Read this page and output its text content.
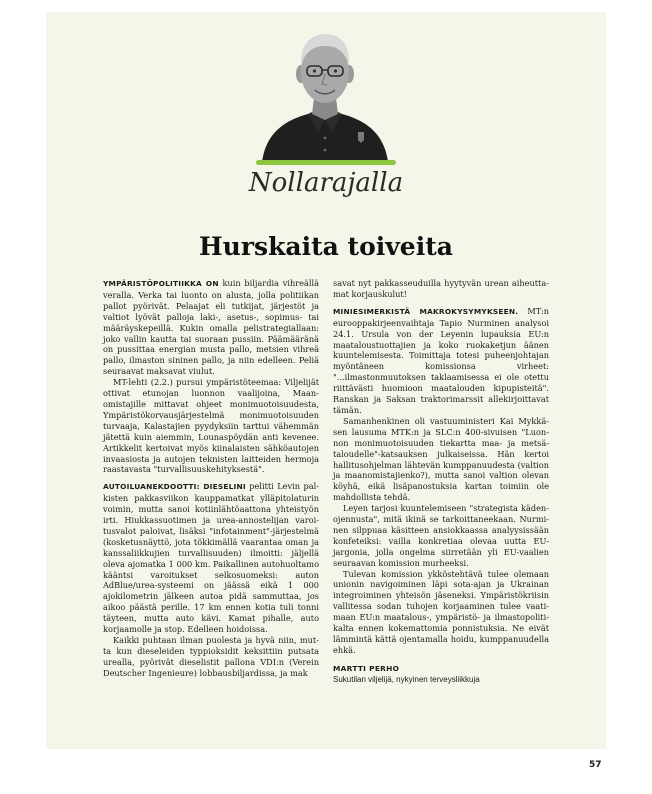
Nollarajalla
Hurskaita toiveita

YMPÄRISTÖPOLITIIKKA ON kuin biljardia vihreällä veralla. Verka tai luonto on alusta, jolla politiikan pallot pyörivät. Pelaajat eli tutkijat, järjestöt ja valtiot lyövät palloja laki-, asetus-, sopimus- tai määräyskepeillä. Kukin omalla pelistrategiallaan: joko vallin kautta tai suoraan pussiin. Päämääränä on pussittaa energian musta pallo, metsien vihreä pallo, ilmaston sininen pallo, ja niin edelleen. Peliä seuraavat maksavat viulut.

MT-lehti (2.2.) pursui ympäristöteemaa: Viljelijät ottivat etunojan luonnon vaalijoina, Maanomistajille mittavat ohjeet monimuotoisuudesta, Ympäristökorvausjärjestelmä monimuotoisuuden turvaaja, Kalastajien pyydyksiin tarttui vähemmän jätettä kuin aiemmin, Lounaspöydän anti kevenee. Artikkelit kertoivat myös kiinalaisten sähköautojen invaasiosta ja autojen teknisten laitteiden hermoja raastavasta "turvallisuuskehityksestä".

AUTOILUANEKDOOTTI: DIESELINI pelitti Levin palkisten pakkasviikon kauppamatkat ylläpitolaturin voimin, mutta sanoi kotiinlähtöaattona yhteistyön irti. Hiukkassuotimen ja urea-annostelijan varoitusvalot paloivat, lisäksi "infotainment"-järjestelmä (kosketusnäyttö, jota tökkimällä vaarantaa oman ja kanssaliikkujien turvallisuuden) ilmoitti: jäljellä oleva ajomatka 1 000 km. Paikallinen autohuoltamo kääntsi varoitukset selkosuomeksi: auton AdBlue/urea-systeemi on jäässä eikä 1 000 ajokilometrin jälkeen autoa pidä sammuttaa, jos aikoo päästä perille. 17 km ennen kotia tuli tonni täyteen, mutta auto kävi. Kamat pihalle, auto korjaamolle ja stop. Edelleen hoidoissa.

Kaikki puhtaan ilman puolesta ja hyvä niin, mutta kun dieseleiden typpioksidit keksittiin putsata urealla, pyörivät dieselistit pallona VDI:n (Verein Deutscher Ingenieure) lobbausbiljardissa, ja mak

savat nyt pakkasseuduilla hyytyvän urean aiheuttamat korjauskulut!

MINIESIMERKISTÄ MAKROKYSYMYKSEEN. MT:n eurooppakirjeenvaihtaja Tapio Nurminen analysoi 24.1. Ursula von der Leyenin lupauksia EU:n maataloustuottajien ja koko ruokaketjun äänen kuuntelemisesta. Toimittaja totesi puheenjohtajan myöntäneen komissionsa virheet: "...ilmastonmuutoksen taklaamisessa ei ole otettu riittävästi huomioon maatalouden kipupisteitä". Ranskan ja Saksan traktorimarssit allekirjoittavat tämän.

Samanhenkinen oli vastuuministeri Kai Mykkäsen lausuma MTK:n ja SLC:n 400-sivuisen "Luonnon monimuotoisuuden tiekartta maa- ja metsätaloudelle"-katsauksen julkaiseissa. Hän kertoi hallitusohjelman lähtevän kumppanuudesta (valtion ja maanomistajienko?), mutta sanoi valtion olevan köyhä, eikä lisäpanostuksia kartan toimiin ole mahdollista tehdä.

Leyen tarjosi kuuntelemiseen "strategista kädenojennusta", mitä ikinä se tarkoittaneekaan. Nurminen silppuaa käsitteen ansiokkaassa analyysissään konfeteiksi: vailla konkretiaa olevaa uutta EU-jargonia, jolla ongelma siirretään yli EU-vaalien seuraavan komission murheeksi.

Tulevan komission ykköstehtävä tulee olemaan unionin navigoiminen läpi sota-ajan ja Ukrainan integroiminen yhteisön jäseneksi. Ympäristökriisin vallitessa sodan tuhojen korjaaminen tulee vaatimaan EU:n maatalous-, ympäristö- ja ilmastopolitikalta ennen kokemattomia ponnistuksia. Ne eivät lämmintä kättä ojentamalla hoidu, kumppanuudella ehkä.

MARTTI PERHO
Sukutilan viljelijä, nykyinen terveysliikkuja
57
